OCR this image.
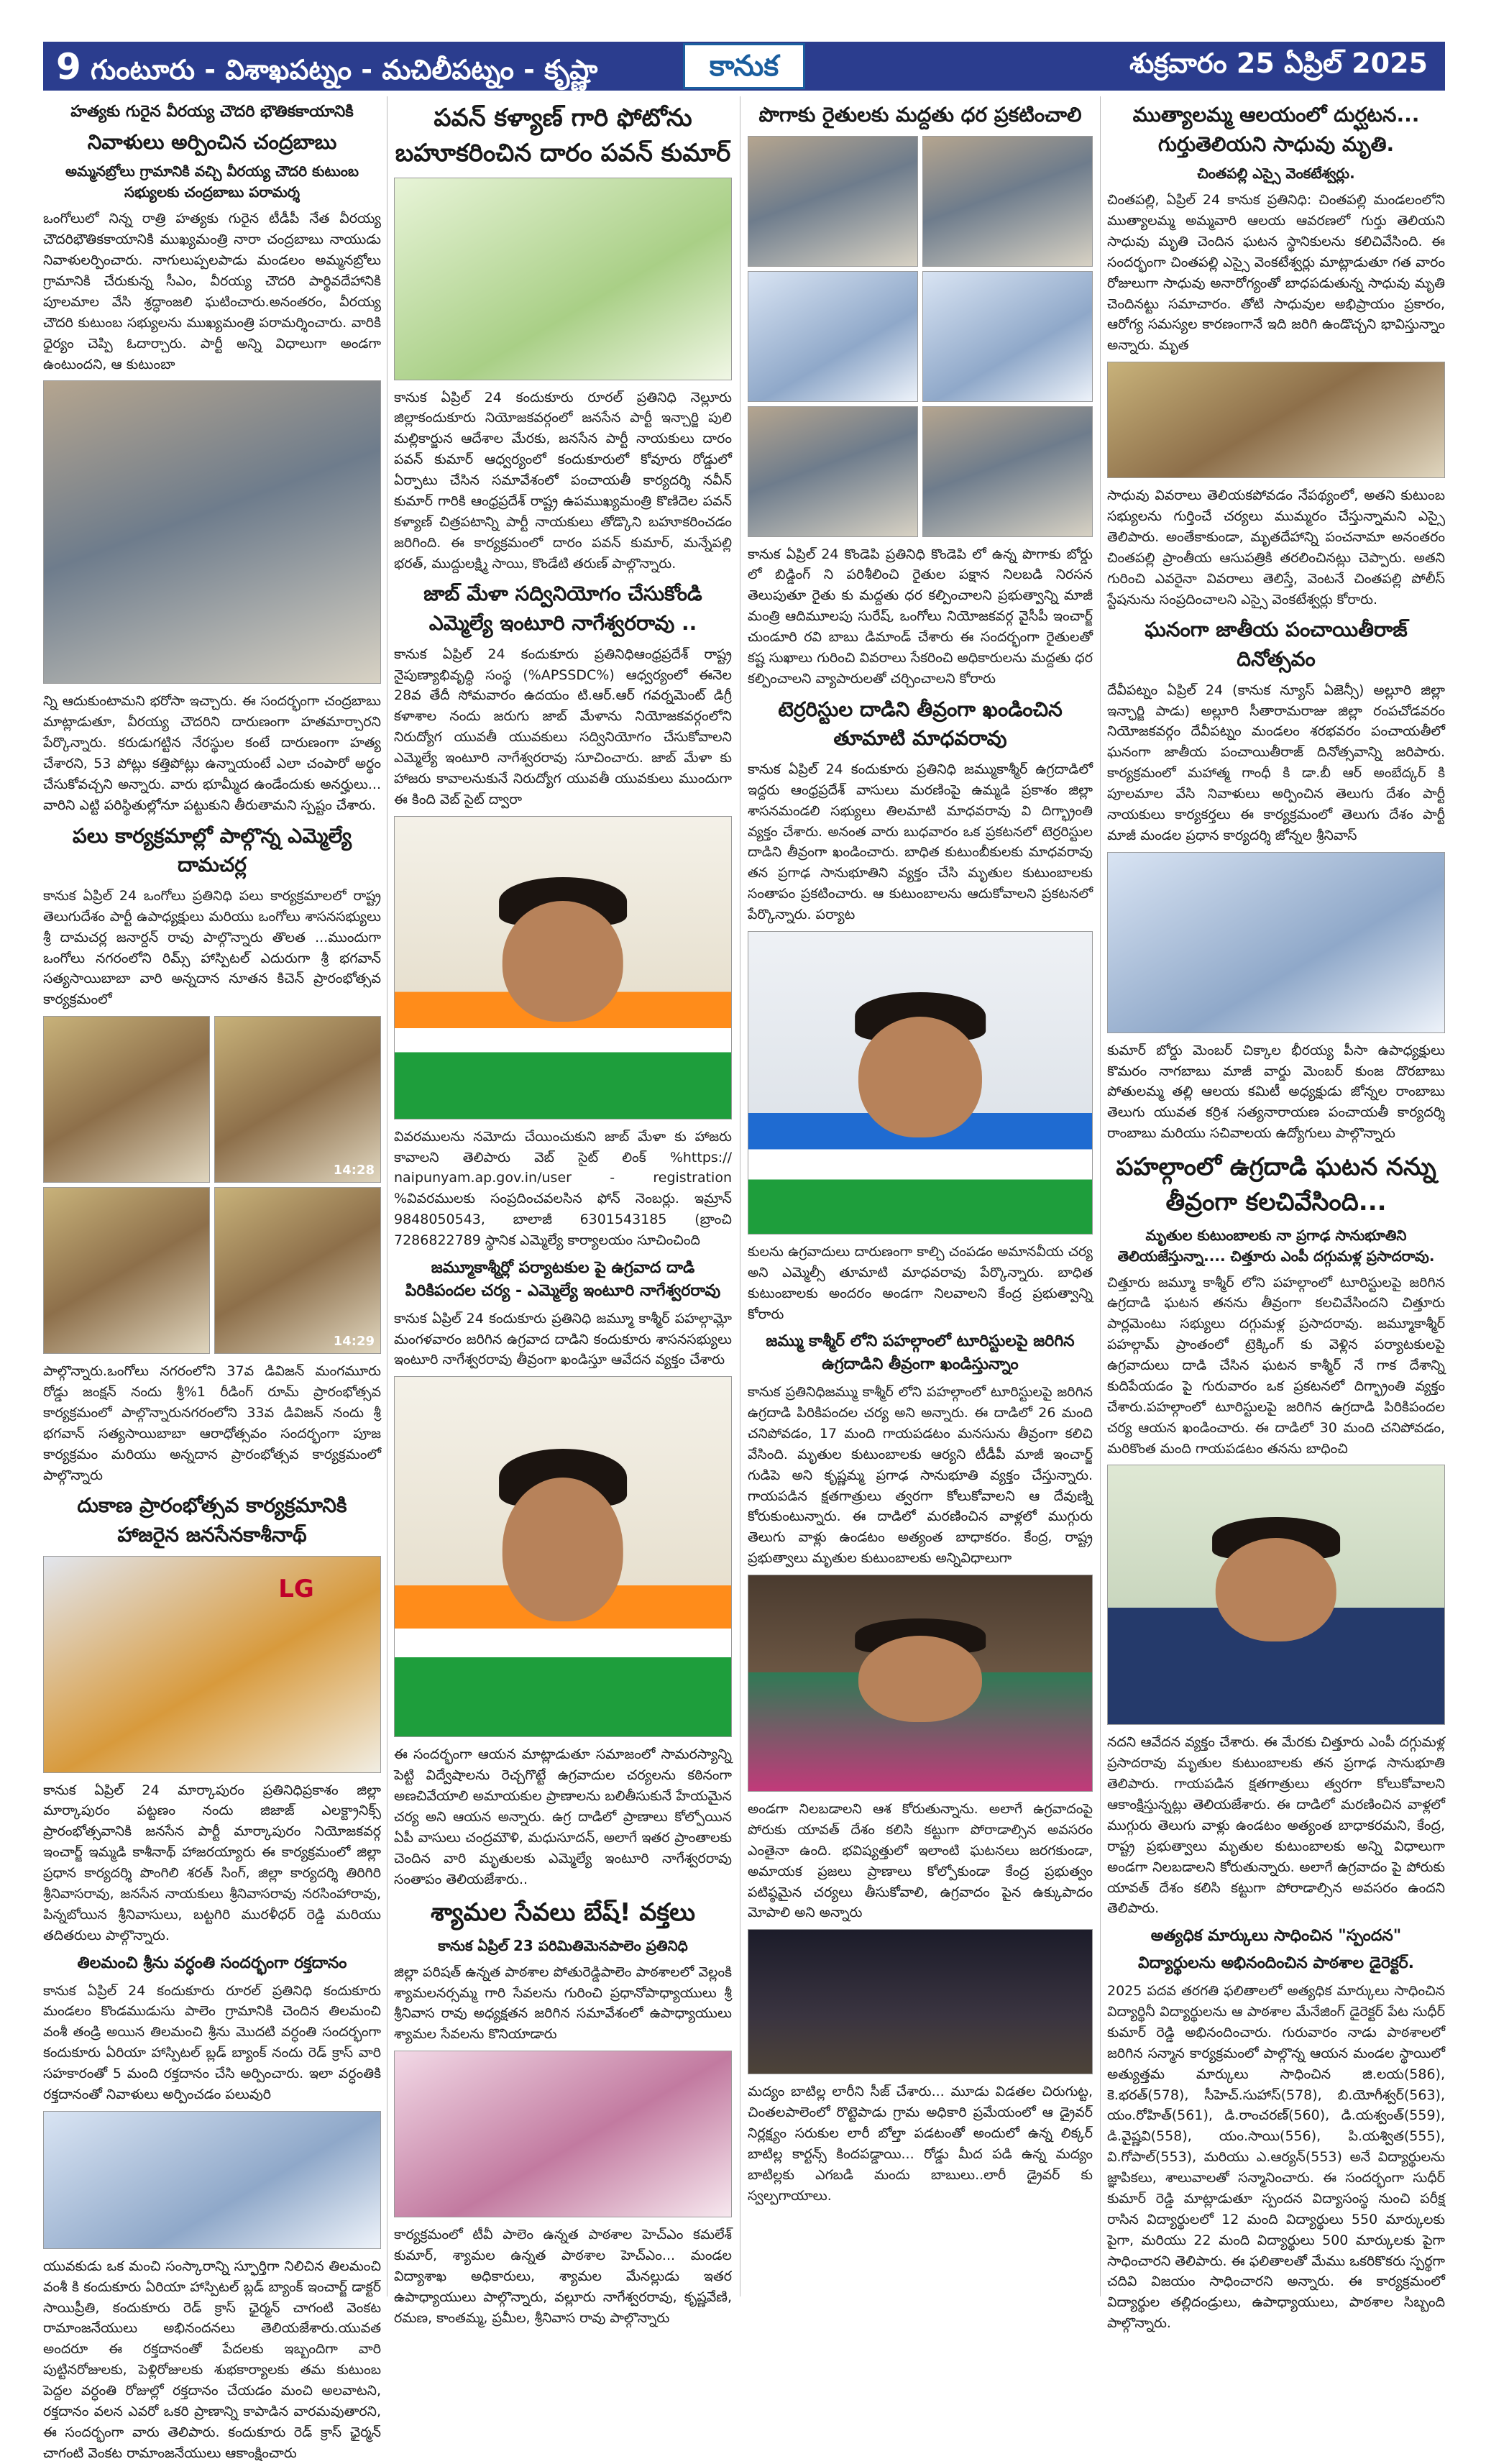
9 గుంటూరు - విశాఖపట్నం - మచిలీపట్నం - కృష్ణా	కానుక	శుక్రవారం 25 ఏప్రిల్ 2025
హత్యకు గురైన వీరయ్య చౌదరి భౌతికకాయానికి
నివాళులు అర్పించిన చంద్రబాబు
అమ్మనబ్రోలు గ్రామానికి వచ్చి వీరయ్య చౌదరి కుటుంబ సభ్యులకు చంద్రబాబు పరామర్శ
ఒంగోలులో నిన్న రాత్రి హత్యకు గురైన టీడీపీ నేత వీరయ్య చౌదరిభౌతికకాయానికి ముఖ్యమంత్రి నారా చంద్రబాబు నాయుడు నివాళులర్పించారు. నాగులుప్పలపాడు మండలం అమ్మనబ్రోలు గ్రామానికి చేరుకున్న సీఎం, వీరయ్య చౌదరి పార్థివదేహానికి పూలమాల వేసి శ్రద్ధాంజలి ఘటించారు.అనంతరం, వీరయ్య చౌదరి కుటుంబ సభ్యులను ముఖ్యమంత్రి పరామర్శించారు. వారికి ధైర్యం చెప్పి ఓదార్చారు. పార్టీ అన్ని విధాలుగా అండగా ఉంటుందని, ఆ కుటుంబా
న్ని ఆదుకుంటామని భరోసా ఇచ్చారు. ఈ సందర్భంగా చంద్రబాబు మాట్లాడుతూ, వీరయ్య చౌదరిని దారుణంగా హతమార్చారని పేర్కొన్నారు. కరుడుగట్టిన నేరస్థుల కంటే దారుణంగా హత్య చేశారని, 53 పోట్లు కత్తిపోట్లు ఉన్నాయంటే ఎలా చంపారో అర్థం చేసుకోవచ్చని అన్నారు. వారు భూమ్మీద ఉండేందుకు అనర్హులు... వారిని ఎట్టి పరిస్థితుల్లోనూ పట్టుకుని తీరుతామని స్పష్టం చేశారు.
పలు కార్యక్రమాల్లో పాల్గొన్న ఎమ్మెల్యే దామచర్ల
కానుక ఏప్రిల్ 24 ఒంగోలు ప్రతినిధి పలు కార్యక్రమాలలో రాష్ట్ర తెలుగుదేశం పార్టీ ఉపాధ్యక్షులు మరియు ఒంగోలు శాసనసభ్యులు శ్రీ దామచర్ల జనార్దన్ రావు పాల్గొన్నారు తొలత ...ముందుగా ఒంగోలు నగరంలోని రిమ్స్ హాస్పిటల్ ఎదురుగా శ్రీ భగవాన్ సత్యసాయిబాబా వారి అన్నదాన నూతన కిచెన్ ప్రారంభోత్సవ కార్యక్రమంలో
14:28
14:29
పాల్గొన్నారు.ఒంగోలు నగరంలోని 37వ డివిజన్ మంగమూరు రోడ్డు జంక్షన్ నందు శ్రీ%1 రీడింగ్ రూమ్ ప్రారంభోత్సవ కార్యక్రమంలో పాల్గొన్నారునగరంలోని 33వ డివిజన్ నందు శ్రీ భగవాన్ సత్యసాయిబాబా ఆరాధోత్సవం సందర్భంగా పూజ కార్యక్రమం మరియు అన్నదాన ప్రారంభోత్సవ కార్యక్రమంలో పాల్గొన్నారు
దుకాణ ప్రారంభోత్సవ కార్యక్రమానికి హాజరైన జనసేనకాశీనాథ్
LG
కానుక ఏప్రిల్ 24 మార్కాపురం ప్రతినిధిప్రకాశం జిల్లా మార్కాపురం పట్టణం నందు జిజాజ్ ఎలక్ట్రానిక్స్ ప్రారంభోత్సవానికి జనసేన పార్టీ మార్కాపురం నియోజకవర్గ ఇంచార్జ్ ఇమ్మడి కాశీనాథ్ హాజరయ్యారు ఈ కార్యక్రమంలో జిల్లా ప్రధాన కార్యదర్శి పొంగిలి శరత్ సింగ్, జిల్లా కార్యదర్శి తిరిగిరి శ్రీనివాసరావు, జనసేన నాయకులు శ్రీనివాసరావు నరసింహారావు, పిన్నబోయిన శ్రీనివాసులు, బట్టగిరి మురళీధర్ రెడ్డి మరియు తదితరులు పాల్గొన్నారు.
తిలమంచి శ్రీను వర్ధంతి సందర్భంగా రక్తదానం
కానుక ఏప్రిల్ 24 కందుకూరు రూరల్ ప్రతినిధి కందుకూరు మండలం కొండముడుసు పాలెం గ్రామానికి చెందిన తిలమంచి వంశీ తండ్రి అయిన తిలమంచి శ్రీను మొదటి వర్ధంతి సందర్భంగా కందుకూరు ఏరియా హాస్పిటల్ బ్లడ్ బ్యాంక్ నందు రెడ్ క్రాస్ వారి సహకారంతో 5 మంది రక్తదానం చేసి అర్పించారు. ఇలా వర్ధంతికి రక్తదానంతో నివాళులు అర్పించడం పలువురి
యువకుడు ఒక మంచి సంస్కారాన్ని స్ఫూర్తిగా నిలిచిన తిలమంచి వంశీ కి కందుకూరు ఏరియా హాస్పిటల్ బ్లడ్ బ్యాంక్ ఇంచార్జ్ డాక్టర్ సాయిప్రీతి, కందుకూరు రెడ్ క్రాస్ ఛైర్మన్ చాగంటి వెంకట రామాంజనేయులు అభినందనలు తెలియజేశారు.యువత అందరూ ఈ రక్తదానంతో పేదలకు ఇబ్బందిగా వారి పుట్టినరోజులకు, పెళ్లిరోజులకు శుభకార్యాలకు తమ కుటుంబ పెద్దల వర్ధంతి రోజుల్లో రక్తదానం చేయడం మంచి అలవాటని, రక్తదానం వలన ఎవరో ఒకరి ప్రాణాన్ని కాపాడిన వారమవుతారని, ఈ సందర్భంగా వారు తెలిపారు. కందుకూరు రెడ్ క్రాస్ ఛైర్మన్ చాగంటి వెంకట రామాంజనేయులు ఆకాంక్షించారు
పవన్ కళ్యాణ్ గారి ఫోటోను బహూకరించిన దారం పవన్ కుమార్
కానుక ఏప్రిల్ 24 కందుకూరు రూరల్ ప్రతినిధి నెల్లూరు జిల్లాకందుకూరు నియోజకవర్గంలో జనసేన పార్టీ ఇన్చార్జి పులి మల్లికార్జున ఆదేశాల మేరకు, జనసేన పార్టీ నాయకులు దారం పవన్ కుమార్ ఆధ్వర్యంలో కందుకూరులో కోవూరు రోడ్డులో ఏర్పాటు చేసిన సమావేశంలో పంచాయతీ కార్యదర్శి నవీన్ కుమార్ గారికి ఆంధ్రప్రదేశ్ రాష్ట్ర ఉపముఖ్యమంత్రి కొణిదెల పవన్ కళ్యాణ్ చిత్రపటాన్ని పార్టీ నాయకులు తోడ్కొని బహూకరించడం జరిగింది. ఈ కార్యక్రమంలో దారం పవన్ కుమార్, మన్నేపల్లి భరత్, ముద్దులక్ష్మి సాయి, కొండేటి తరుణ్ పాల్గొన్నారు.
జాబ్ మేళా సద్వినియోగం చేసుకోండి ఎమ్మెల్యే ఇంటూరి నాగేశ్వరరావు ..
కానుక ఏప్రిల్ 24 కందుకూరు ప్రతినిధిఆంధ్రప్రదేశ్ రాష్ట్ర నైపుణ్యాభివృద్ధి సంస్థ (%APSSDC%) ఆధ్వర్యంలో ఈనెల 28వ తేదీ సోమవారం ఉదయం టి.ఆర్.ఆర్ గవర్నమెంట్ డిగ్రీ కళాశాల నందు జరుగు జాబ్ మేళాను నియోజకవర్గంలోని నిరుద్యోగ యువతీ యువకులు సద్వినియోగం చేసుకోవాలని ఎమ్మెల్యే ఇంటూరి నాగేశ్వరరావు సూచించారు. జాబ్ మేళా కు హాజరు కావాలనుకునే నిరుద్యోగ యువతీ యువకులు ముందుగా ఈ కింది వెబ్ సైట్ ద్వారా
వివరములను నమోదు చేయించుకుని జాబ్ మేళా కు హాజరు కావాలని తెలిపారు వెబ్ సైట్ లింక్ %https:// naipunyam.ap.gov.in/user - registration %వివరములకు సంప్రదించవలసిన ఫోన్ నెంబర్లు. ఇమ్రాన్ 9848050543, బాలాజీ 6301543185 (బ్రాంచి 7286822789 స్థానిక ఎమ్మెల్యే కార్యాలయం సూచించింది
జమ్మూకాశ్మీర్లో పర్యాటకుల పై ఉగ్రవాద దాడి పిరికిపందల చర్య - ఎమ్మెల్యే ఇంటూరి నాగేశ్వరరావు
కానుక ఏప్రిల్ 24 కందుకూరు ప్రతినిధి జమ్మూ కాశ్మీర్ పహల్గామ్లో మంగళవారం జరిగిన ఉగ్రవాద దాడిని కందుకూరు శాసనసభ్యులు ఇంటూరి నాగేశ్వరరావు తీవ్రంగా ఖండిస్తూ ఆవేదన వ్యక్తం చేశారు
ఈ సందర్భంగా ఆయన మాట్లాడుతూ సమాజంలో సామరస్యాన్ని పెట్టి విద్వేషాలను రెచ్చగొట్టే ఉగ్రవాదుల చర్యలను కఠినంగా అణచివేయాలి అమాయకుల ప్రాణాలను బలితీసుకునే హేయమైన చర్య అని ఆయన అన్నారు. ఉగ్ర దాడిలో ప్రాణాలు కోల్పోయిన ఏపీ వాసులు చంద్రమౌళి, మధుసూదన్, అలాగే ఇతర ప్రాంతాలకు చెందిన వారి మృతులకు ఎమ్మెల్యే ఇంటూరి నాగేశ్వరరావు సంతాపం తెలియజేశారు..
శ్యామల సేవలు బేష్! వక్తలు
కానుక ఏప్రిల్ 23 పరిమితిమెనపాలెం ప్రతినిధి
జిల్లా పరిషత్ ఉన్నత పాఠశాల పోతురెడ్డిపాలెం పాఠశాలలో వెల్లంకి శ్యామలనర్సమ్మ గారి సేవలను గురించి ప్రధానోపాధ్యాయులు శ్రీ శ్రీనివాస రావు అధ్యక్షతన జరిగిన సమావేశంలో ఉపాధ్యాయులు శ్యామల సేవలను కొనియాడారు
కార్యక్రమంలో టీవీ పాలెం ఉన్నత పాఠశాల హెచ్ఎం కమలేశ్ కుమార్, శ్యామల ఉన్నత పాఠశాల హెచ్ఎం... మండల విద్యాశాఖ అధికారులు, శ్యామల మేనల్లుడు ఇతర ఉపాధ్యాయులు పాల్గొన్నారు, వల్లూరు నాగేశ్వరరావు, కృష్ణవేణి, రమణ, కాంతమ్మ, ప్రమీల, శ్రీనివాస రావు పాల్గొన్నారు
పొగాకు రైతులకు మద్దతు ధర ప్రకటించాలి
కానుక ఏప్రిల్ 24 కొండెపి ప్రతినిధి కొండెపి లో ఉన్న పొగాకు బోర్డు లో బిడ్డింగ్ ని పరిశీలించి రైతుల పక్షాన నిలబడి నిరసన తెలుపుతూ రైతు కు మద్దతు ధర కల్పించాలని ప్రభుత్వాన్ని మాజీ మంత్రి ఆదిమూలపు సురేష్, ఒంగోలు నియోజకవర్గ వైసీపీ ఇంచార్జ్ చుండూరి రవి బాబు డిమాండ్ చేశారు ఈ సందర్భంగా రైతులతో కష్ట సుఖాలు గురించి వివరాలు సేకరించి అధికారులను మద్దతు ధర కల్పించాలని వ్యాపారులతో చర్చించాలని కోరారు
టెర్రరిస్టుల దాడిని తీవ్రంగా ఖండించిన తూమాటి మాధవరావు
కానుక ఏప్రిల్ 24 కందుకూరు ప్రతినిధి జమ్ముకాశ్మీర్ ఉగ్రదాడిలో ఇద్దరు ఆంధ్రప్రదేశ్ వాసులు మరణింపై ఉమ్మడి ప్రకాశం జిల్లా శాసనమండలి సభ్యులు తిలమాటి మాధవరావు వి దిగ్భ్రాంతి వ్యక్తం చేశారు. అనంత వారు బుధవారం ఒక ప్రకటనలో టెర్రరిస్టుల దాడిని తీవ్రంగా ఖండించారు. బాధిత కుటుంబీకులకు మాధవరావు తన ప్రగాఢ సానుభూతిని వ్యక్తం చేసి మృతుల కుటుంబాలకు సంతాపం ప్రకటించారు. ఆ కుటుంబాలను ఆదుకోవాలని ప్రకటనలో పేర్కొన్నారు. పర్యాట
కులను ఉగ్రవాదులు దారుణంగా కాల్చి చంపడం అమానవీయ చర్య అని ఎమ్మెల్సీ తూమాటి మాధవరావు పేర్కొన్నారు. బాధిత కుటుంబాలకు అందరం అండగా నిలవాలని కేంద్ర ప్రభుత్వాన్ని కోరారు
జమ్ము కాశ్మీర్ లోని పహల్గాంలో టూరిస్టులపై జరిగిన ఉగ్రదాడిని తీవ్రంగా ఖండిస్తున్నాం
కానుక ప్రతినిధిజమ్ము కాశ్మీర్ లోని పహల్గాంలో టూరిస్టులపై జరిగిన ఉగ్రదాడి పిరికిపందల చర్య అని అన్నారు. ఈ దాడిలో 26 మంది చనిపోవడం, 17 మంది గాయపడటం మనసును తీవ్రంగా కలిచి వేసింది. మృతుల కుటుంబాలకు ఆర్యని టీడీపీ మాజీ ఇంచార్జ్ గుడిపె అని కృష్ణమ్మ ప్రగాఢ సానుభూతి వ్యక్తం చేస్తున్నారు. గాయపడిన క్షతగాత్రులు త్వరగా కోలుకోవాలని ఆ దేవుణ్ని కోరుకుంటున్నారు. ఈ దాడిలో మరణించిన వాళ్లలో ముగ్గురు తెలుగు వాళ్లు ఉండటం అత్యంత బాధాకరం. కేంద్ర, రాష్ట్ర ప్రభుత్వాలు మృతుల కుటుంబాలకు అన్నివిధాలుగా
అండగా నిలబడాలని ఆశ కోరుతున్నాను. అలాగే ఉగ్రవాదంపై పోరుకు యావత్ దేశం కలిసి కట్టుగా పోరాడాల్సిన అవసరం ఎంతైనా ఉంది. భవిష్యత్తులో ఇలాంటి ఘటనలు జరగకుండా, అమాయక ప్రజలు ప్రాణాలు కోల్పోకుండా కేంద్ర ప్రభుత్వం పటిష్ఠమైన చర్యలు తీసుకోవాలి, ఉగ్రవాదం పైన ఉక్కుపాదం మోపాలి అని అన్నారు
మద్యం బాటిల్ల లారీని సీజ్ చేశారు... మూడు విడతల చిరుగుట్ట, చింతలపాలెంలో రొట్టెపాడు గ్రామ అధికారి ప్రమేయంలో ఆ డ్రైవర్ నిర్లక్ష్యం సరుకుల లారీ బోల్తా పడటంతో అందులో ఉన్న లిక్కర్ బాటిల్ల కార్టన్స్ కిందపడ్డాయి... రోడ్డు మీద పడి ఉన్న మద్యం బాటిల్లకు ఎగబడి మందు బాబులు..లారీ డ్రైవర్ కు స్వల్పగాయాలు.
ముత్యాలమ్మ ఆలయంలో దుర్ఘటన... గుర్తుతెలియని సాధువు మృతి.
చింతపల్లి ఎస్సై వెంకటేశ్వర్లు.
చింతపల్లి, ఏప్రిల్ 24 కానుక ప్రతినిధి: చింతపల్లి మండలంలోని ముత్యాలమ్మ అమ్మవారి ఆలయ ఆవరణలో గుర్తు తెలియని సాధువు మృతి చెందిన ఘటన స్థానికులను కలిచివేసింది. ఈ సందర్భంగా చింతపల్లి ఎస్సై వెంకటేశ్వర్లు మాట్లాడుతూ గత వారం రోజులుగా సాధువు అనారోగ్యంతో బాధపడుతున్న సాధువు మృతి చెందినట్టు సమాచారం. తోటి సాధువుల అభిప్రాయం ప్రకారం, ఆరోగ్య సమస్యల కారణంగానే ఇది జరిగి ఉండొచ్చని భావిస్తున్నాం అన్నారు. మృత
సాధువు వివరాలు తెలియకపోవడం నేపథ్యంలో, అతని కుటుంబ సభ్యులను గుర్తించే చర్యలు ముమ్మరం చేస్తున్నామని ఎస్సై తెలిపారు. అంతేకాకుండా, మృతదేహాన్ని పంచనామా అనంతరం చింతపల్లి ప్రాంతీయ ఆసుపత్రికి తరలించినట్లు చెప్పారు. అతని గురించి ఎవరైనా వివరాలు తెలిస్తే, వెంటనే చింతపల్లి పోలీస్ స్టేషనును సంప్రదించాలని ఎస్సై వెంకటేశ్వర్లు కోరారు.
ఘనంగా జాతీయ పంచాయితీరాజ్ దినోత్సవం
దేవీపట్నం ఏప్రిల్ 24 (కానుక న్యూస్ ఏజెన్సీ) అల్లూరి జిల్లా ఇన్ఛార్జి పాడు) అల్లూరి సీతారామరాజు జిల్లా రంపచోడవరం నియోజకవర్గం దేవీపట్నం మండలం శరభవరం పంచాయతీలో ఘనంగా జాతీయ పంచాయితీరాజ్ దినోత్సవాన్ని జరిపారు. కార్యక్రమంలో మహాత్మ గాంధీ కి డా.బీ ఆర్ అంబేద్కర్ కి పూలమాల వేసి నివాళులు అర్పించిన తెలుగు దేశం పార్టీ నాయకులు కార్యకర్తలు ఈ కార్యక్రమంలో తెలుగు దేశం పార్టీ మాజీ మండల ప్రధాన కార్యదర్శి జోన్నల శ్రీనివాస్
కుమార్ బోర్డు మెంబర్ చిక్కాల భీరయ్య పీసా ఉపాధ్యక్షులు కొమరం నాగబాబు మాజీ వార్డు మెంబర్ కుంజ దొరబాబు పోతులమ్మ తల్లి ఆలయ కమిటీ అధ్యక్షుడు జోన్నల రాంబాబు తెలుగు యువత కర్రిశ సత్యనారాయణ పంచాయతీ కార్యదర్శి రాంబాబు మరియు సచివాలయ ఉద్యోగులు పాల్గొన్నారు
పహల్గాంలో ఉగ్రదాడి ఘటన నన్ను తీవ్రంగా కలచివేసింది...
మృతుల కుటుంబాలకు నా ప్రగాఢ సానుభూతిని తెలియజేస్తున్నా.... చిత్తూరు ఎంపీ దగ్గుమళ్ల ప్రసాదరావు.
చిత్తూరు జమ్మూ కాశ్మీర్ లోని పహల్గాంలో టూరిస్టులపై జరిగిన ఉగ్రదాడి ఘటన తనను తీవ్రంగా కలచివేసిందని చిత్తూరు పార్లమెంటు సభ్యులు దగ్గుమళ్ల ప్రసాదరావు. జమ్మూకాశ్మీర్ పహల్గామ్ ప్రాంతంలో ట్రెక్కింగ్ కు వెళ్లిన పర్యాటకులపై ఉగ్రవాదులు దాడి చేసిన ఘటన కాశ్మీర్ నే గాక దేశాన్ని కుదిపేయడం పై గురువారం ఒక ప్రకటనలో దిగ్భ్రాంతి వ్యక్తం చేశారు.పహల్గాంలో టూరిస్టులపై జరిగిన ఉగ్రదాడి పిరికిపందల చర్య ఆయన ఖండించారు. ఈ దాడిలో 30 మంది చనిపోవడం, మరికొంత మంది గాయపడటం తనను బాధించి
నదని ఆవేదన వ్యక్తం చేశారు. ఈ మేరకు చిత్తూరు ఎంపీ దగ్గుమళ్ల ప్రసాదరావు మృతుల కుటుంబాలకు తన ప్రగాఢ సానుభూతి తెలిపారు. గాయపడిన క్షతగాత్రులు త్వరగా కోలుకోవాలని ఆకాంక్షిస్తున్నట్లు తెలియజేశారు. ఈ దాడిలో మరణించిన వాళ్లలో ముగ్గురు తెలుగు వాళ్లు ఉండటం అత్యంత బాధాకరమని, కేంద్ర, రాష్ట్ర ప్రభుత్వాలు మృతుల కుటుంబాలకు అన్ని విధాలుగా అండగా నిలబడాలని కోరుతున్నారు. అలాగే ఉగ్రవాదం పై పోరుకు యావత్ దేశం కలిసి కట్టుగా పోరాడాల్సిన అవసరం ఉందని తెలిపారు.
అత్యధిక మార్కులు సాధించిన "స్పందన"
విద్యార్థులను అభినందించిన పాఠశాల డైరెక్టర్.
2025 పదవ తరగతి ఫలితాలలో అత్యధిక మార్కులు సాధించిన విద్యార్థినీ విద్యార్థులను ఆ పాఠశాల మేనేజింగ్ డైరెక్టర్ పేట సుధీర్ కుమార్ రెడ్డి అభినందించారు. గురువారం నాడు పాఠశాలలో జరిగిన సన్మాన కార్యక్రమంలో పాల్గొన్న ఆయన మండల స్థాయిలో అత్యుత్తమ మార్కులు సాధించిన జి.లయ(586), కె.భరత్(578), సీహెచ్.సుహాస్(578), బి.యోగీశ్వర్(563), యం.రోహిత్(561), డి.రాంచరణ్(560), డి.యశ్వంత్(559), డి.వైష్ణవి(558), యం.సాయి(556), పి.యశ్విత(555), వి.గోపాల్(553), మరియు ఎ.ఆర్యన్(553) అనే విద్యార్థులను జ్ఞాపికలు, శాలువాలతో సన్మానించారు. ఈ సందర్భంగా సుధీర్ కుమార్ రెడ్డి మాట్లాడుతూ స్పందన విద్యాసంస్థ నుంచి పరీక్ష రాసిన విద్యార్థులలో 12 మంది విద్యార్థులు 550 మార్కులకు పైగా, మరియు 22 మంది విద్యార్థులు 500 మార్కులకు పైగా సాధించారని తెలిపారు. ఈ ఫలితాలతో మేము ఒకరికొకరు స్పర్థగా చదివి విజయం సాధించారని అన్నారు. ఈ కార్యక్రమంలో విద్యార్థుల తల్లిదండ్రులు, ఉపాధ్యాయులు, పాఠశాల సిబ్బంది పాల్గొన్నారు.
